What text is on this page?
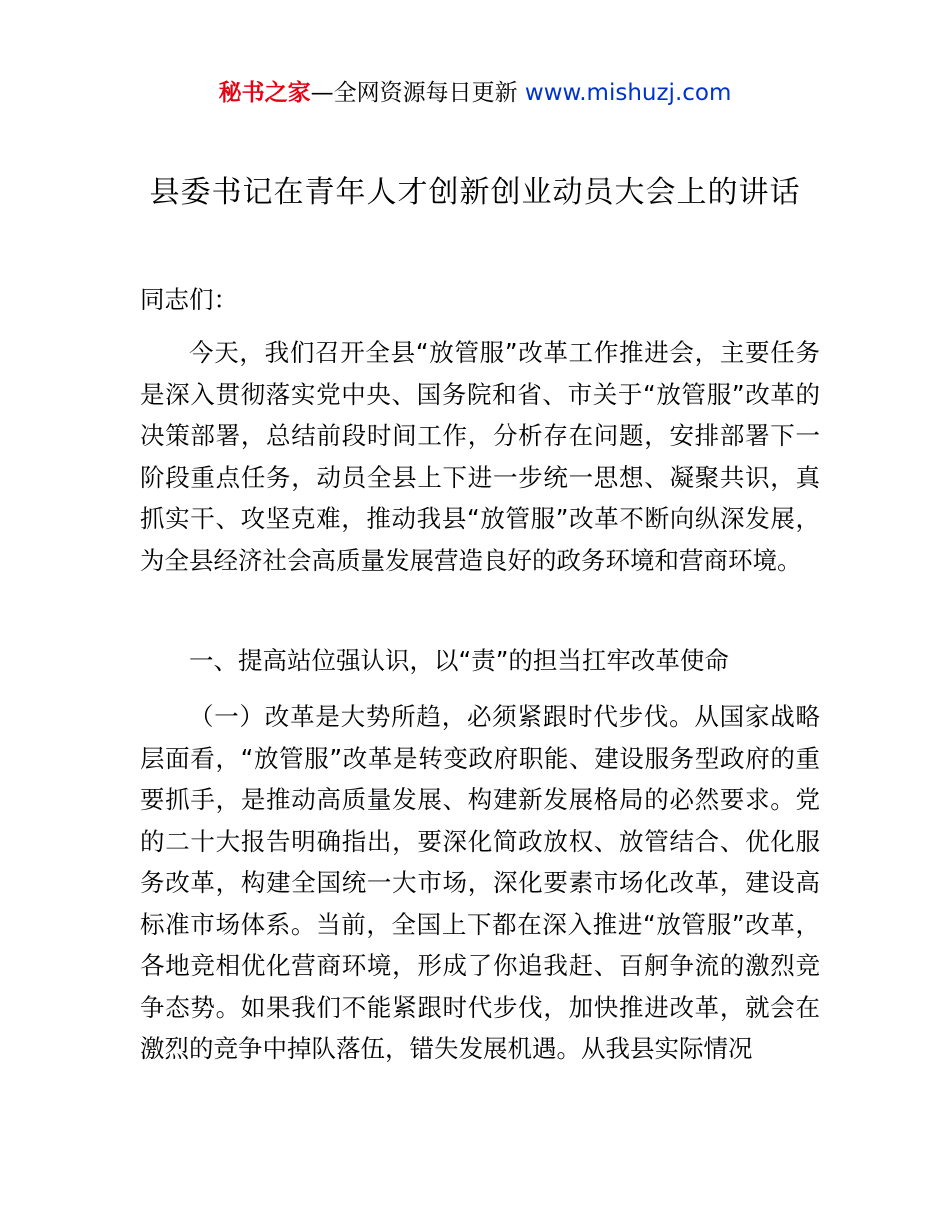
秘书之家—全网资源每日更新 www.mishuzj.com
县委书记在青年人才创新创业动员大会上的讲话

同志们：

今天，我们召开全县“放管服”改革工作推进会，主要任务是深入贯彻落实党中央、国务院和省、市关于“放管服”改革的决策部署，总结前段时间工作，分析存在问题，安排部署下一阶段重点任务，动员全县上下进一步统一思想、凝聚共识，真抓实干、攻坚克难，推动我县“放管服”改革不断向纵深发展，为全县经济社会高质量发展营造良好的政务环境和营商环境。

一、提高站位强认识，以“责”的担当扛牢改革使命

（一）改革是大势所趋，必须紧跟时代步伐。从国家战略层面看，“放管服”改革是转变政府职能、建设服务型政府的重要抓手，是推动高质量发展、构建新发展格局的必然要求。党的二十大报告明确指出，要深化简政放权、放管结合、优化服务改革，构建全国统一大市场，深化要素市场化改革，建设高标准市场体系。当前，全国上下都在深入推进“放管服”改革，各地竞相优化营商环境，形成了你追我赶、百舸争流的激烈竞争态势。如果我们不能紧跟时代步伐，加快推进改革，就会在激烈的竞争中掉队落伍，错失发展机遇。从我县实际情况
